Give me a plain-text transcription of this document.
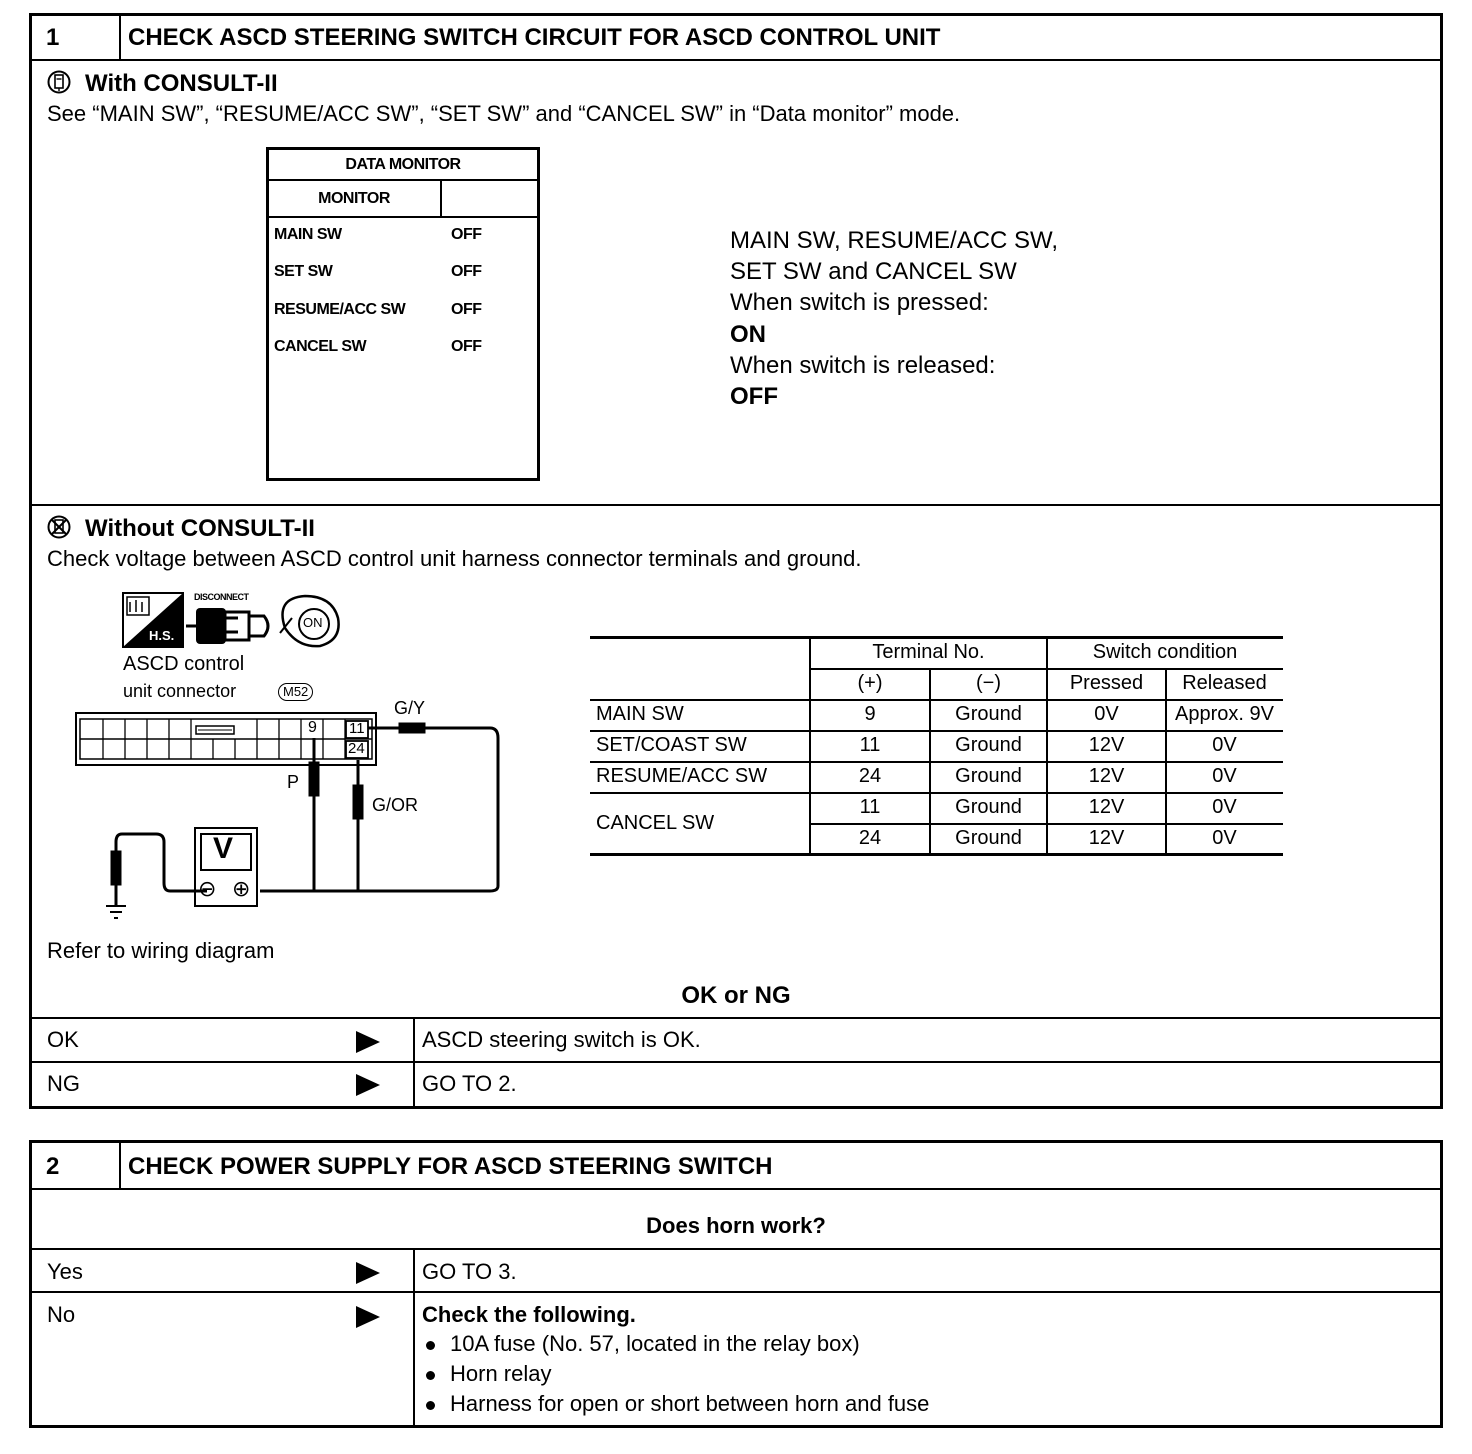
1	CHECK ASCD STEERING SWITCH CIRCUIT FOR ASCD CONTROL UNIT
With CONSULT-II
See “MAIN SW”, “RESUME/ACC SW”, “SET SW” and “CANCEL SW” in “Data monitor” mode.
DATA MONITOR
MONITOR
MAIN SW	OFF
SET SW	OFF
RESUME/ACC SW	OFF
CANCEL SW	OFF
MAIN SW, RESUME/ACC SW,
SET SW and CANCEL SW
When switch is pressed:
ON
When switch is released:
OFF
Without CONSULT-II
Check voltage between ASCD control unit harness connector terminals and ground.
H.S.
DISCONNECT
ON
ASCD control
unit connector	M52
9 11
24
G/Y
P
G/OR
V
⊖ ⊕
Refer to wiring diagram
Terminal No.	Switch condition
(+)	(−)	Pressed	Released
MAIN SW	9	Ground	0V	Approx. 9V
SET/COAST SW	11	Ground	12V	0V
RESUME/ACC SW	24	Ground	12V	0V
CANCEL SW
11	Ground	12V	0V
24	Ground	12V	0V
OK or NG
OK	ASCD steering switch is OK.
NG	GO TO 2.
2	CHECK POWER SUPPLY FOR ASCD STEERING SWITCH
Does horn work?
Yes	GO TO 3.
No	Check the following.
10A fuse (No. 57, located in the relay box)
Horn relay
Harness for open or short between horn and fuse
